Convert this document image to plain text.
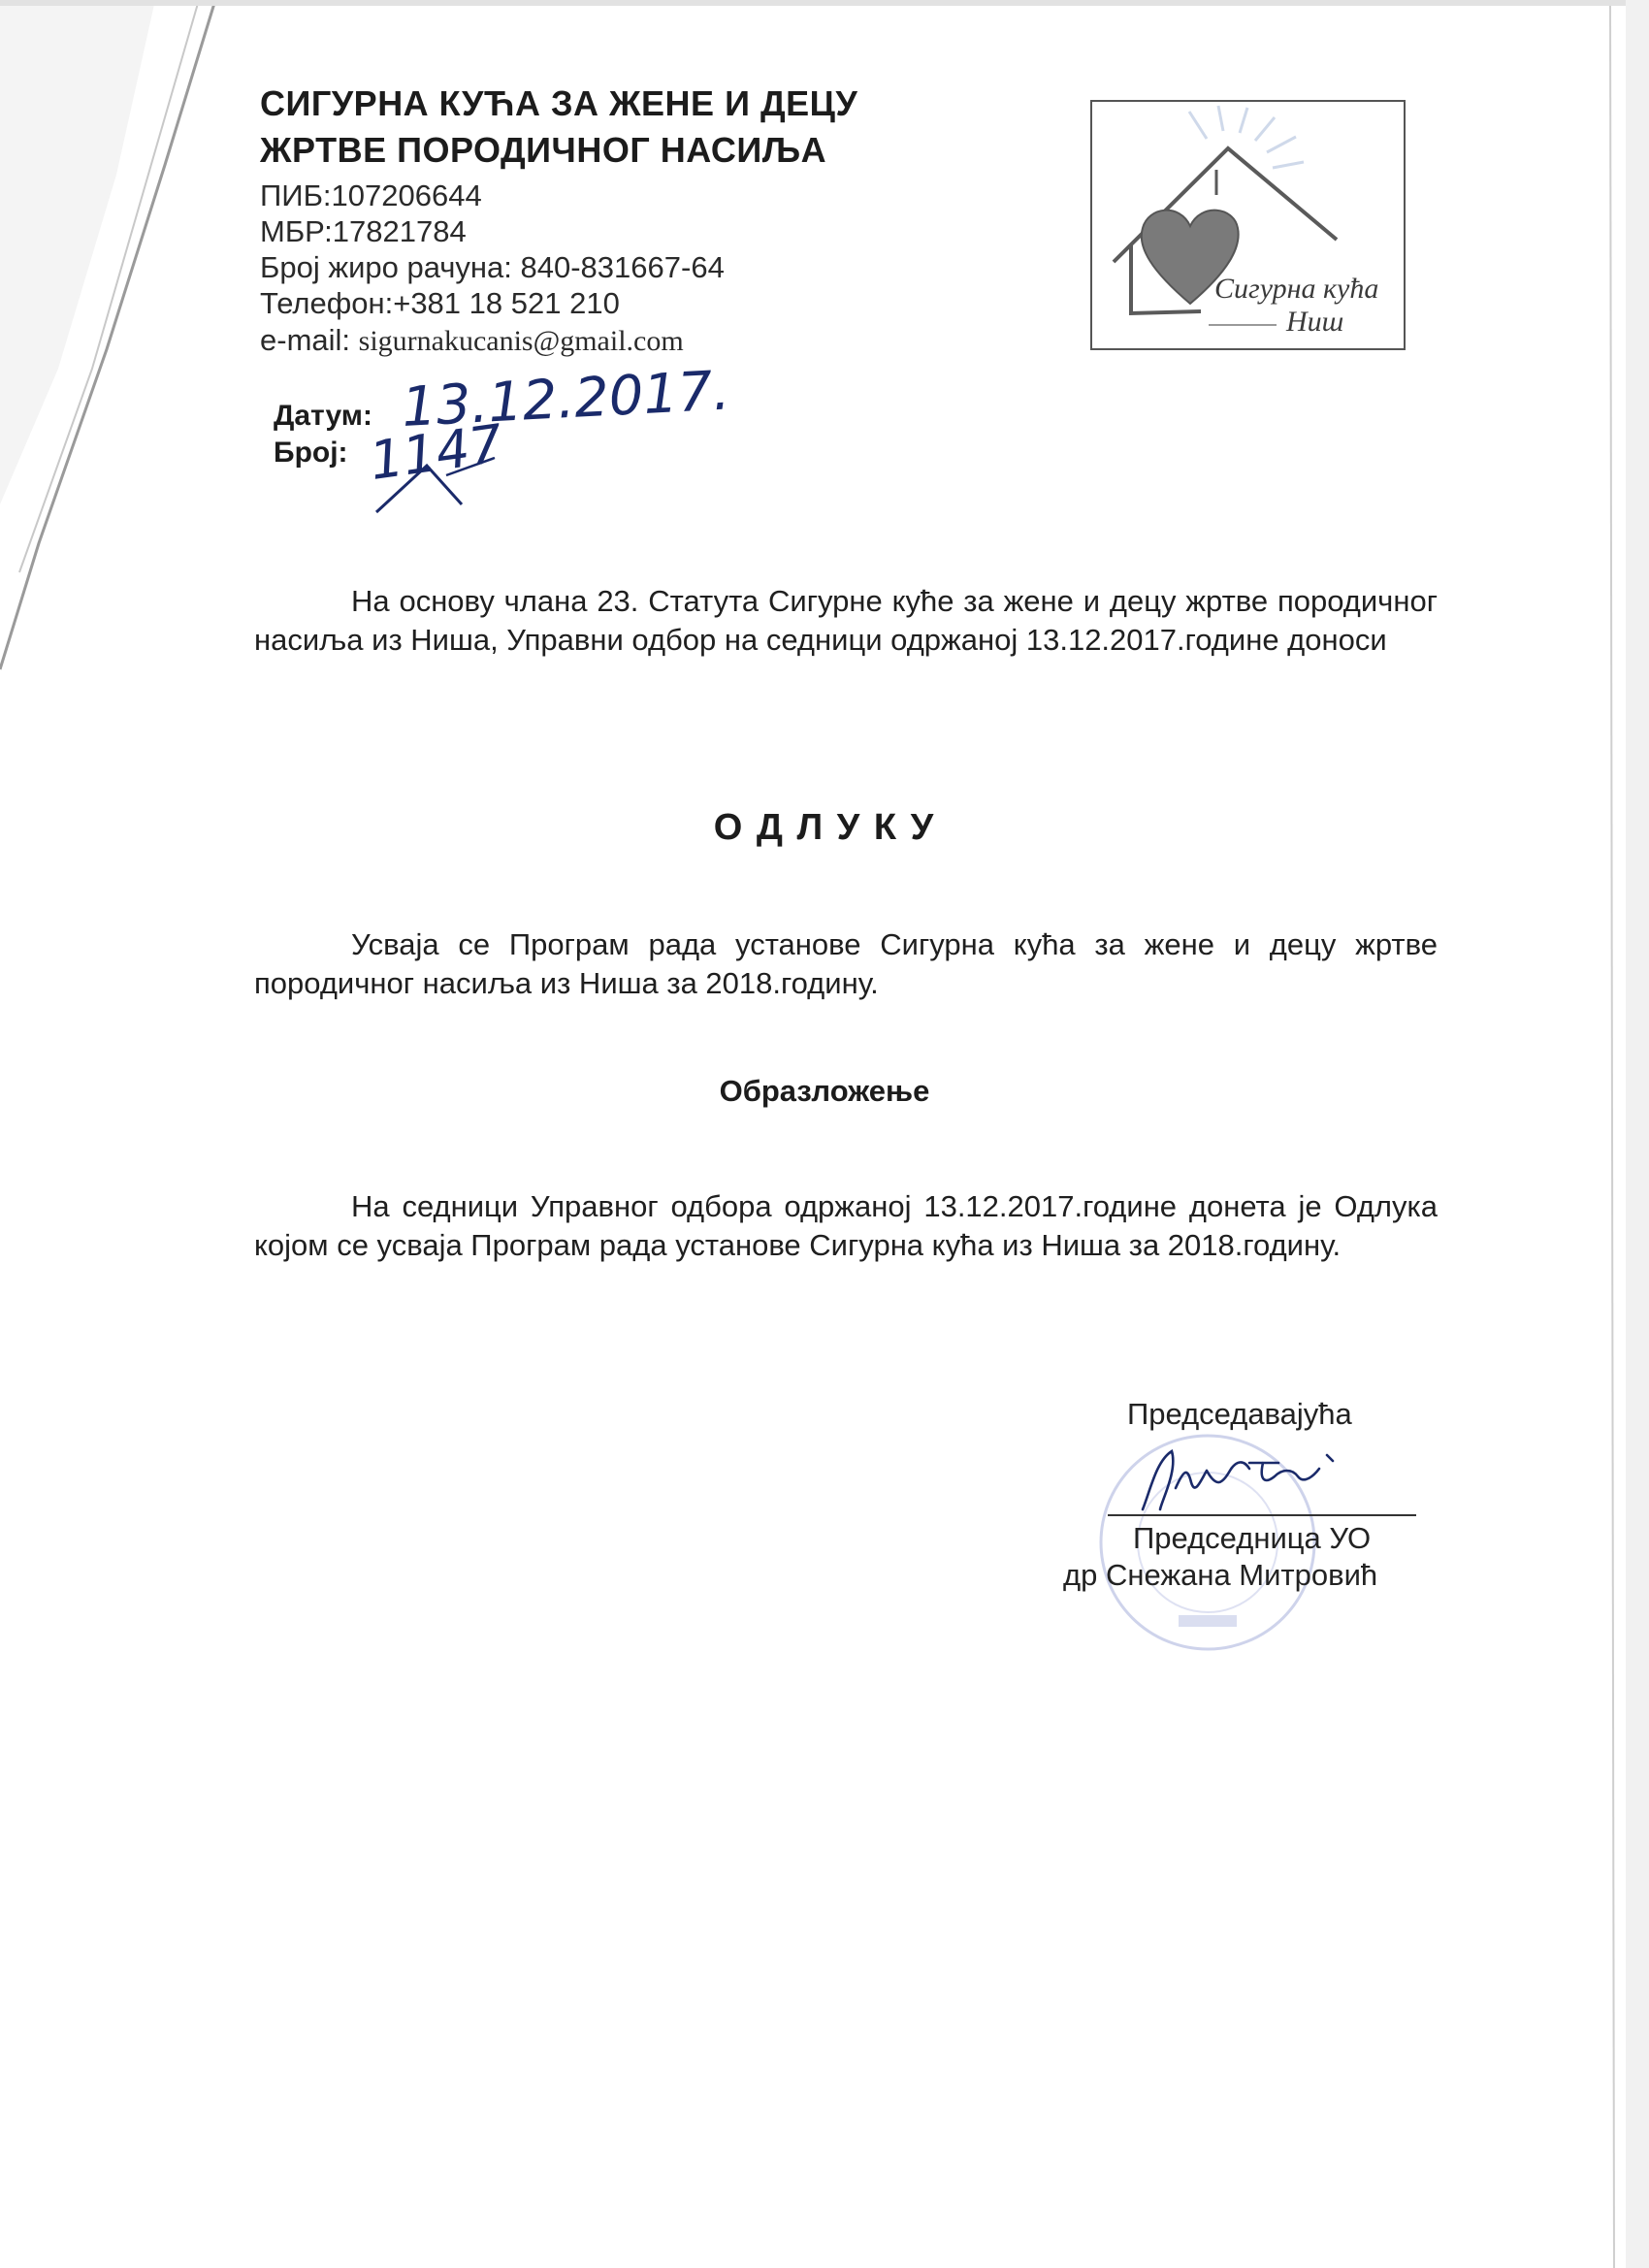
СИГУРНА КУЋА ЗА ЖЕНЕ И ДЕЦУ
ЖРТВЕ ПОРОДИЧНОГ НАСИЉА
ПИБ:107206644
МБР:17821784
Број жиро рачуна: 840-831667-64
Телефон:+381 18 521 210
e-mail: sigurnakucanis@gmail.com
Сигурна кућа
Ниш
Датум: 13.12.2017.
Број: 1147

На основу члана 23. Статута Сигурне куће за жене и децу жртве породичног насиља из Ниша, Управни одбор на седници одржаној 13.12.2017.године доноси

О Д Л У К У

Усваја се Програм рада установе Сигурна кућа за жене и децу жртве породичног насиља из Ниша за 2018.годину.

Образложење

На седници Управног одбора одржаној 13.12.2017.године донета је Одлука којом се усваја Програм рада установе Сигурна кућа из Ниша за 2018.годину.

Председавајућа
Председница УО
др Снежана Митровић
